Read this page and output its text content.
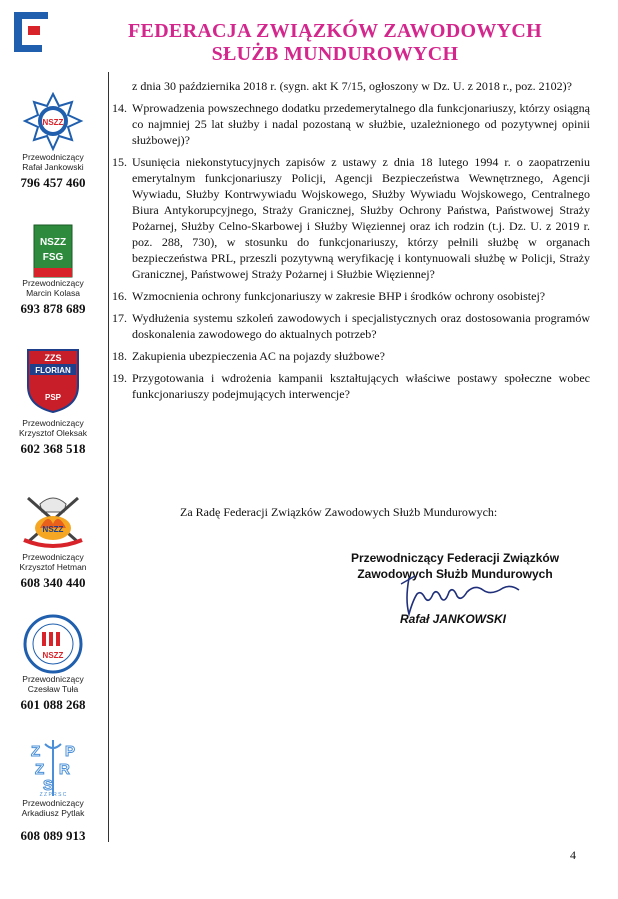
FEDERACJA ZWIĄZKÓW ZAWODOWYCH
SŁUŻB MUNDUROWYCH
NSZZ
Przewodniczący
Rafał Jankowski
796 457 460
NSZZ
FSG
Przewodniczący
Marcin Kolasa
693 878 689
ZZS
FLORIAN
PSP
Przewodniczący
Krzysztof Oleksak
602 368 518
NSZZ
Przewodniczący
Krzysztof Hetman
608 340 440
NSZZ
Przewodniczący
Czesław Tuła
601 088 268
Z Z P R S C
Z P
Z R
S
Przewodniczący
Arkadiusz Pytlak
608 089 913
z dnia 30 października 2018 r. (sygn. akt K 7/15, ogłoszony w Dz. U. z 2018 r., poz. 2102)?
14. Wprowadzenia powszechnego dodatku przedemerytalnego dla funkcjonariuszy, którzy osiągną co najmniej 25 lat służby i nadal pozostaną w służbie, uzależnionego od pozytywnej opinii służbowej)?
15. Usunięcia niekonstytucyjnych zapisów z ustawy z dnia 18 lutego 1994 r. o zaopatrzeniu emerytalnym funkcjonariuszy Policji, Agencji Bezpieczeństwa Wewnętrznego, Agencji Wywiadu, Służby Kontrwywiadu Wojskowego, Służby Wywiadu Wojskowego, Centralnego Biura Antykorupcyjnego, Straży Granicznej, Służby Ochrony Państwa, Państwowej Straży Pożarnej, Służby Celno-Skarbowej i Służby Więziennej oraz ich rodzin (t.j. Dz. U. z 2019 r. poz. 288, 730), w stosunku do funkcjonariuszy, którzy pełnili służbę w organach bezpieczeństwa PRL, przeszli pozytywną weryfikację i kontynuowali służbę w Policji, Straży Granicznej, Państwowej Straży Pożarnej i Służbie Więziennej?
16. Wzmocnienia ochrony funkcjonariuszy w zakresie BHP i środków ochrony osobistej?
17. Wydłużenia systemu szkoleń zawodowych i specjalistycznych oraz dostosowania programów doskonalenia zawodowego do aktualnych potrzeb?
18. Zakupienia ubezpieczenia AC na pojazdy służbowe?
19. Przygotowania i wdrożenia kampanii kształtujących właściwe postawy społeczne wobec funkcjonariuszy podejmujących interwencje?
Za Radę Federacji Związków Zawodowych Służb Mundurowych:
Przewodniczący Federacji Związków
Zawodowych Służb Mundurowych
Rafał JANKOWSKI
4
